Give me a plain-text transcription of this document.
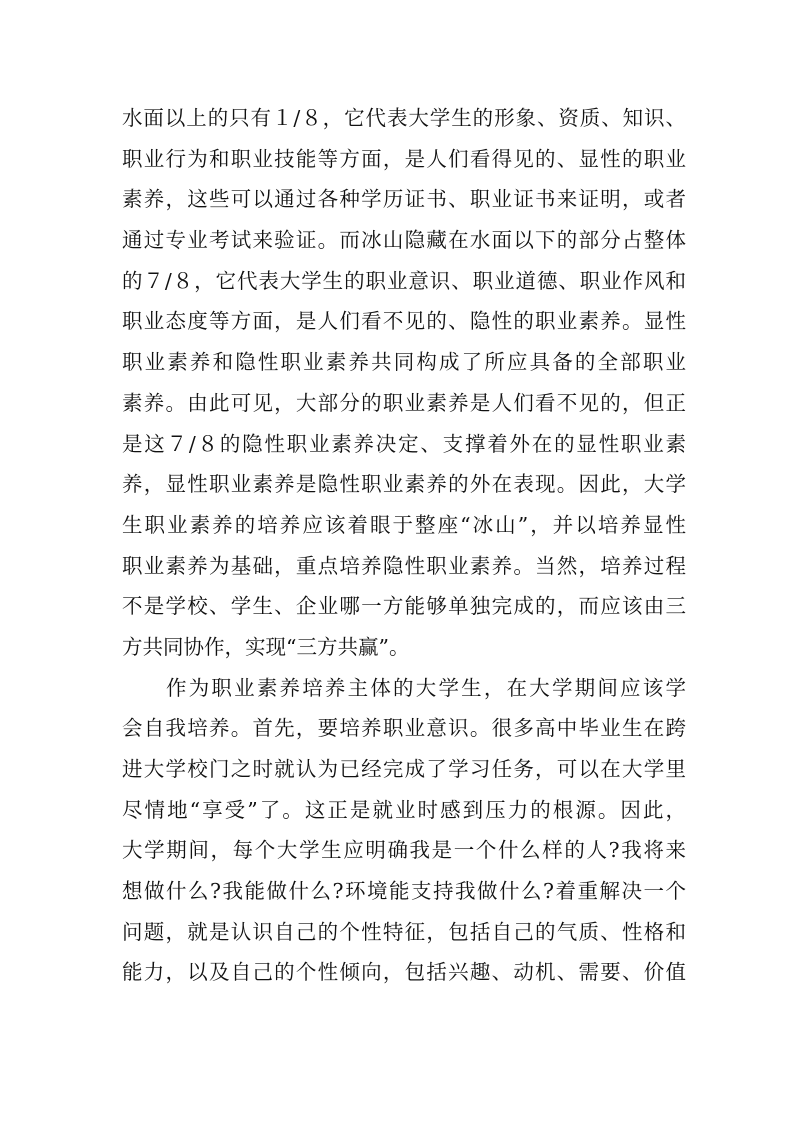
水面以上的只有１/８，它代表大学生的形象、资质、知识、
职业行为和职业技能等方面，是人们看得见的、显性的职业
素养，这些可以通过各种学历证书、职业证书来证明，或者
通过专业考试来验证。而冰山隐藏在水面以下的部分占整体
的７/８，它代表大学生的职业意识、职业道德、职业作风和
职业态度等方面，是人们看不见的、隐性的职业素养。显性
职业素养和隐性职业素养共同构成了所应具备的全部职业
素养。由此可见，大部分的职业素养是人们看不见的，但正
是这７/８的隐性职业素养决定、支撑着外在的显性职业素
养，显性职业素养是隐性职业素养的外在表现。因此，大学
生职业素养的培养应该着眼于整座“冰山”，并以培养显性
职业素养为基础，重点培养隐性职业素养。当然，培养过程
不是学校、学生、企业哪一方能够单独完成的，而应该由三
方共同协作，实现“三方共赢”。
作为职业素养培养主体的大学生，在大学期间应该学
会自我培养。首先，要培养职业意识。很多高中毕业生在跨
进大学校门之时就认为已经完成了学习任务，可以在大学里
尽情地“享受”了。这正是就业时感到压力的根源。因此，
大学期间，每个大学生应明确我是一个什么样的人?我将来
想做什么?我能做什么?环境能支持我做什么?着重解决一个
问题，就是认识自己的个性特征，包括自己的气质、性格和
能力，以及自己的个性倾向，包括兴趣、动机、需要、价值
